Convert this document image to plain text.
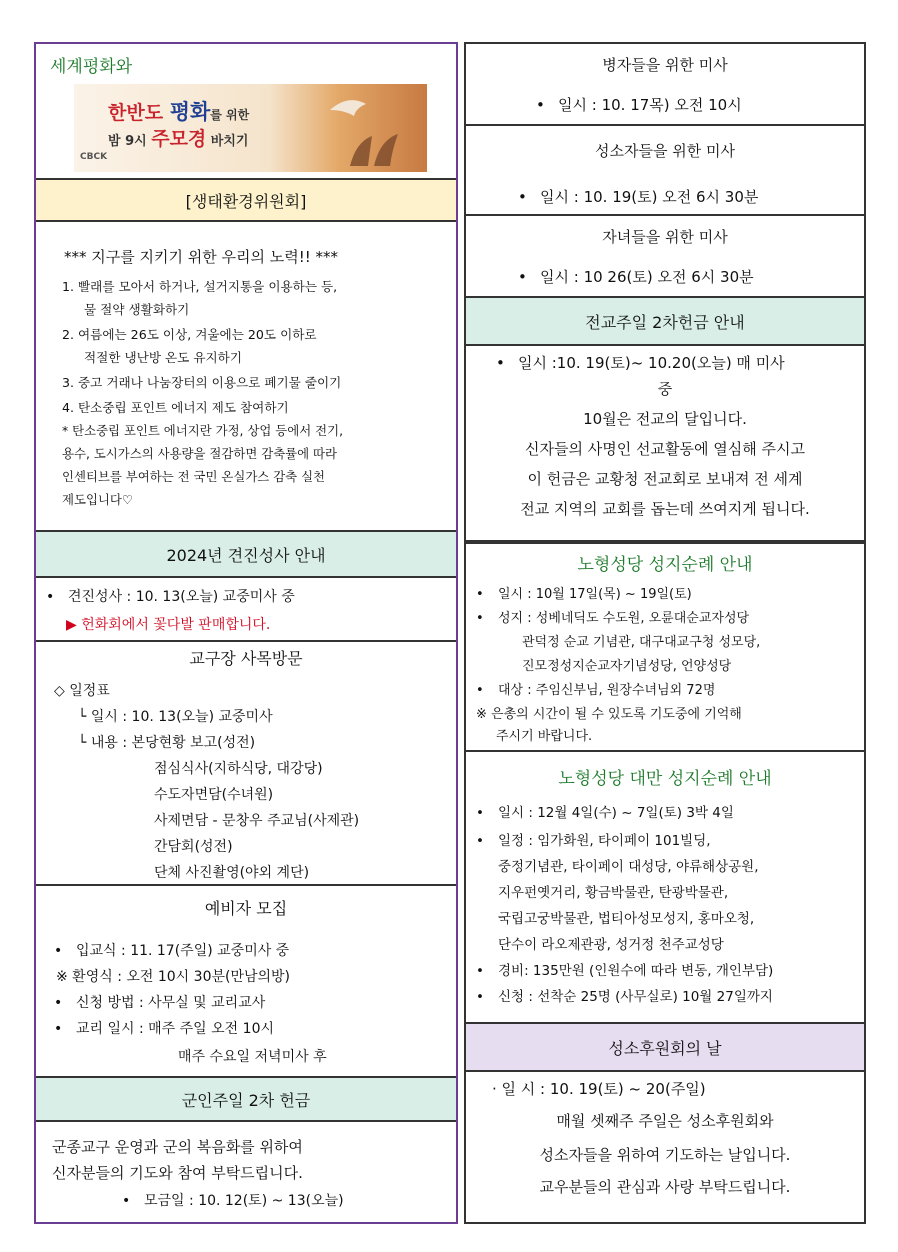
세계평화와
한반도 평화를 위한
밤 9시 주모경 바치기
CBCK
[생태환경위원회]
*** 지구를 지키기 위한 우리의 노력!! ***
1. 빨래를 모아서 하거나, 설거지통을 이용하는 등,
물 절약 생활화하기
2. 여름에는 26도 이상, 겨울에는 20도 이하로
적절한 냉난방 온도 유지하기
3. 중고 거래나 나눔장터의 이용으로 폐기물 줄이기
4. 탄소중립 포인트 에너지 제도 참여하기
* 탄소중립 포인트 에너지란 가정, 상업 등에서 전기,
용수, 도시가스의 사용량을 절감하면 감축률에 따라
인센티브를 부여하는 전 국민 온실가스 감축 실천
제도입니다♡
2024년 견진성사 안내
• 견진성사 : 10. 13(오늘) 교중미사 중
▶ 헌화회에서 꽃다발 판매합니다.
교구장 사목방문
◇ 일정표
└ 일시 : 10. 13(오늘) 교중미사
└ 내용 : 본당현황 보고(성전)
점심식사(지하식당, 대강당)
수도자면담(수녀원)
사제면담 - 문창우 주교님(사제관)
간담회(성전)
단체 사진촬영(야외 계단)
예비자 모집
• 입교식 : 11. 17(주일) 교중미사 중
※ 환영식 : 오전 10시 30분(만남의방)
• 신청 방법 : 사무실 및 교리교사
• 교리 일시 : 매주 주일 오전 10시
매주 수요일 저녁미사 후
군인주일 2차 헌금
군종교구 운영과 군의 복음화를 위하여
신자분들의 기도와 참여 부탁드립니다.
• 모금일 : 10. 12(토) ~ 13(오늘)
병자들을 위한 미사
• 일시 : 10. 17목) 오전 10시
성소자들을 위한 미사
• 일시 : 10. 19(토) 오전 6시 30분
자녀들을 위한 미사
• 일시 : 10 26(토) 오전 6시 30분
전교주일 2차헌금 안내
• 일시 :10. 19(토)~ 10.20(오늘) 매 미사
중
10월은 전교의 달입니다.
신자들의 사명인 선교활동에 열심해 주시고
이 헌금은 교황청 전교회로 보내져 전 세계
전교 지역의 교회를 돕는데 쓰여지게 됩니다.
노형성당 성지순례 안내
• 일시 : 10월 17일(목) ~ 19일(토)
• 성지 : 성베네딕도 수도원, 오륜대순교자성당
관덕정 순교 기념관, 대구대교구청 성모당,
진모정성지순교자기념성당, 언양성당
• 대상 : 주임신부님, 원장수녀님외 72명
※ 은총의 시간이 될 수 있도록 기도중에 기억해
주시기 바랍니다.
노형성당 대만 성지순례 안내
• 일시 : 12월 4일(수) ~ 7일(토) 3박 4일
• 일정 : 임가화원, 타이페이 101빌딩,
중정기념관, 타이페이 대성당, 야류해상공원,
지우펀옛거리, 황금박물관, 탄광박물관,
국립고궁박물관, 법티아성모성지, 홍마오청,
단수이 라오제관광, 성거정 천주교성당
• 경비: 135만원 (인원수에 따라 변동, 개인부담)
• 신청 : 선착순 25명 (사무실로) 10월 27일까지
성소후원회의 날
· 일 시 : 10. 19(토) ~ 20(주일)
매월 셋째주 주일은 성소후원회와
성소자들을 위하여 기도하는 날입니다.
교우분들의 관심과 사랑 부탁드립니다.
